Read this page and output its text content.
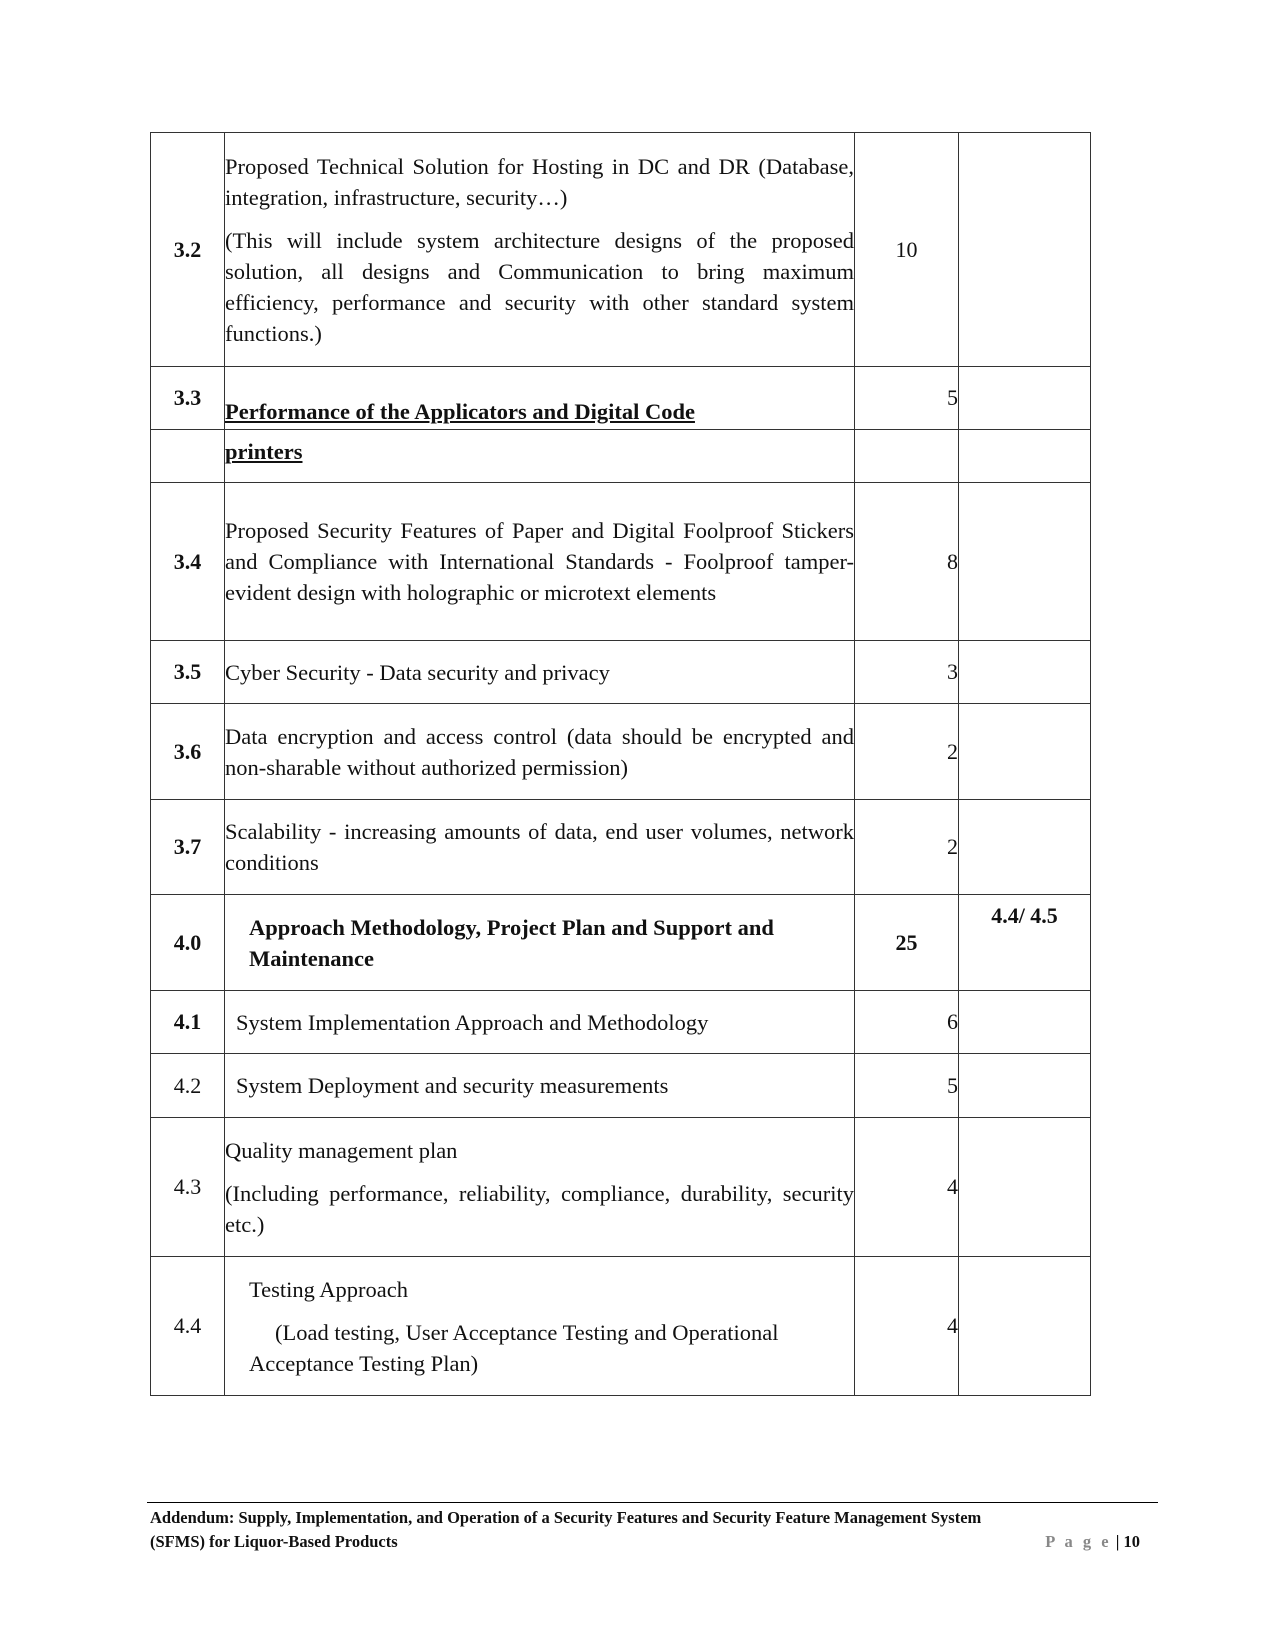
3.2	Proposed Technical Solution for Hosting in DC and DR (Database, integration, infrastructure, security…)

(This will include system architecture designs of the proposed solution, all designs and Communication to bring maximum efficiency, performance and security with other standard system functions.)	10	
3.3	Performance of the Applicators and Digital Code	5	
	printers		
3.4	Proposed Security Features of Paper and Digital Foolproof Stickers and Compliance with International Standards - Foolproof tamper-evident design with holographic or microtext elements	8	
3.5	Cyber Security - Data security and privacy	3	
3.6	Data encryption and access control (data should be encrypted and non-sharable without authorized permission)	2	
3.7	Scalability - increasing amounts of data, end user volumes, network conditions	2	
4.0	Approach Methodology, Project Plan and Support and Maintenance	25	4.4/ 4.5
4.1	System Implementation Approach and Methodology	6	
4.2	System Deployment and security measurements	5	
4.3	Quality management plan

(Including performance, reliability, compliance, durability, security etc.)	4	
4.4	Testing Approach

(Load testing, User Acceptance Testing and Operational Acceptance Testing Plan)	4	
Addendum: Supply, Implementation, and Operation of a Security Features and Security Feature Management System
(SFMS) for Liquor-Based Products	P a g e | 10
